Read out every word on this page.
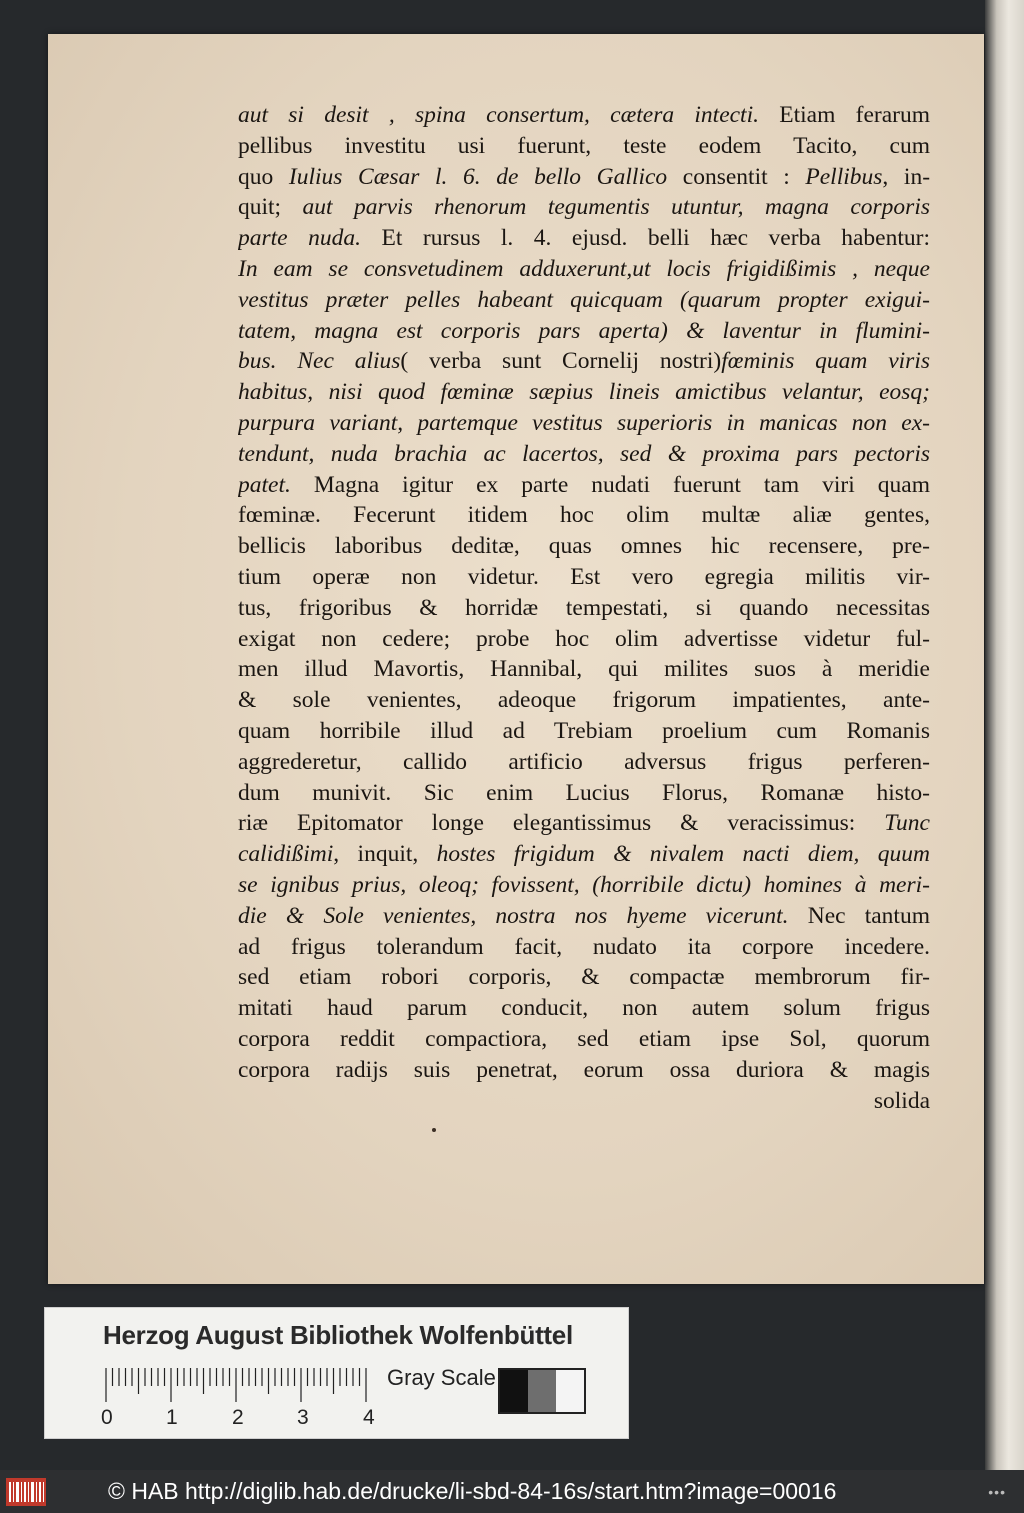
aut si desit , spina consertum, cætera intecti. Etiam ferarum
pellibus investitu usi fuerunt, teste eodem Tacito, cum
quo Iulius Cæsar l. 6. de bello Gallico consentit : Pellibus, in-
quit; aut parvis rhenorum tegumentis utuntur, magna corporis
parte nuda. Et rursus l. 4. ejusd. belli hæc verba habentur:
In eam se consvetudinem adduxerunt,ut locis frigidißimis , neque
vestitus præter pelles habeant quicquam (quarum propter exigui-
tatem, magna est corporis pars aperta) & laventur in flumini-
bus. Nec alius( verba sunt Cornelij nostri)fœminis quam viris
habitus, nisi quod fœminæ sæpius lineis amictibus velantur, eosq;
purpura variant, partemque vestitus superioris in manicas non ex-
tendunt, nuda brachia ac lacertos, sed & proxima pars pectoris
patet. Magna igitur ex parte nudati fuerunt tam viri quam
fœminæ. Fecerunt itidem hoc olim multæ aliæ gentes,
bellicis laboribus deditæ, quas omnes hic recensere, pre-
tium operæ non videtur. Est vero egregia militis vir-
tus, frigoribus & horridæ tempestati, si quando necessitas
exigat non cedere; probe hoc olim advertisse videtur ful-
men illud Mavortis, Hannibal, qui milites suos à meridie
& sole venientes, adeoque frigorum impatientes, ante-
quam horribile illud ad Trebiam proelium cum Romanis
aggrederetur, callido artificio adversus frigus perferen-
dum munivit. Sic enim Lucius Florus, Romanæ histo-
riæ Epitomator longe elegantissimus & veracissimus: Tunc
calidißimi, inquit, hostes frigidum & nivalem nacti diem, quum
se ignibus prius, oleoq; fovissent, (horribile dictu) homines à meri-
die & Sole venientes, nostra nos hyeme vicerunt. Nec tantum
ad frigus tolerandum facit, nudato ita corpore incedere.
sed etiam robori corporis, & compactæ membrorum fir-
mitati haud parum conducit, non autem solum frigus
corpora reddit compactiora, sed etiam ipse Sol, quorum
corpora radijs suis penetrat, eorum ossa duriora & magis
solida
Herzog August Bibliothek Wolfenbüttel
0	1	2	3	4
Gray Scale
© HAB http://diglib.hab.de/drucke/li-sbd-84-16s/start.htm?image=00016	•••
